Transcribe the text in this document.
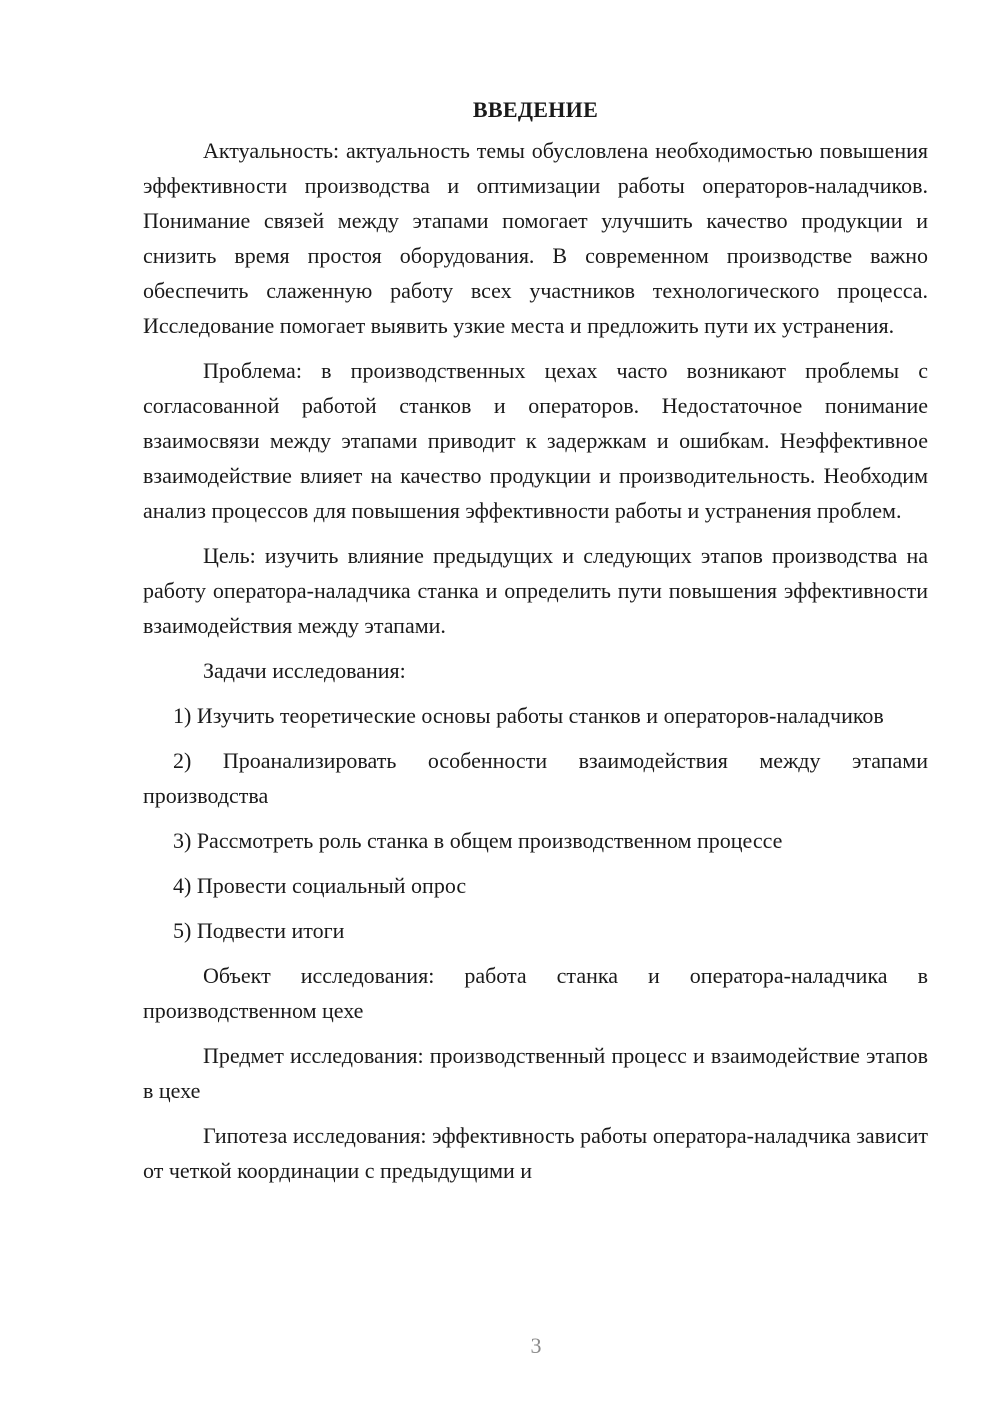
ВВЕДЕНИЕ

Актуальность: актуальность темы обусловлена необходимостью повышения эффективности производства и оптимизации работы операторов-наладчиков. Понимание связей между этапами помогает улучшить качество продукции и снизить время простоя оборудования. В современном производстве важно обеспечить слаженную работу всех участников технологического процесса. Исследование помогает выявить узкие места и предложить пути их устранения.

Проблема: в производственных цехах часто возникают проблемы с согласованной работой станков и операторов. Недостаточное понимание взаимосвязи между этапами приводит к задержкам и ошибкам. Неэффективное взаимодействие влияет на качество продукции и производительность. Необходим анализ процессов для повышения эффективности работы и устранения проблем.

Цель: изучить влияние предыдущих и следующих этапов производства на работу оператора-наладчика станка и определить пути повышения эффективности взаимодействия между этапами.

Задачи исследования:

1) Изучить теоретические основы работы станков и операторов-наладчиков
2) Проанализировать особенности взаимодействия между этапами производства
3) Рассмотреть роль станка в общем производственном процессе
4) Провести социальный опрос
5) Подвести итоги

Объект исследования: работа станка и оператора-наладчика в производственном цехе

Предмет исследования: производственный процесс и взаимодействие этапов в цехе

Гипотеза исследования: эффективность работы оператора-наладчика зависит от четкой координации с предыдущими и

3
